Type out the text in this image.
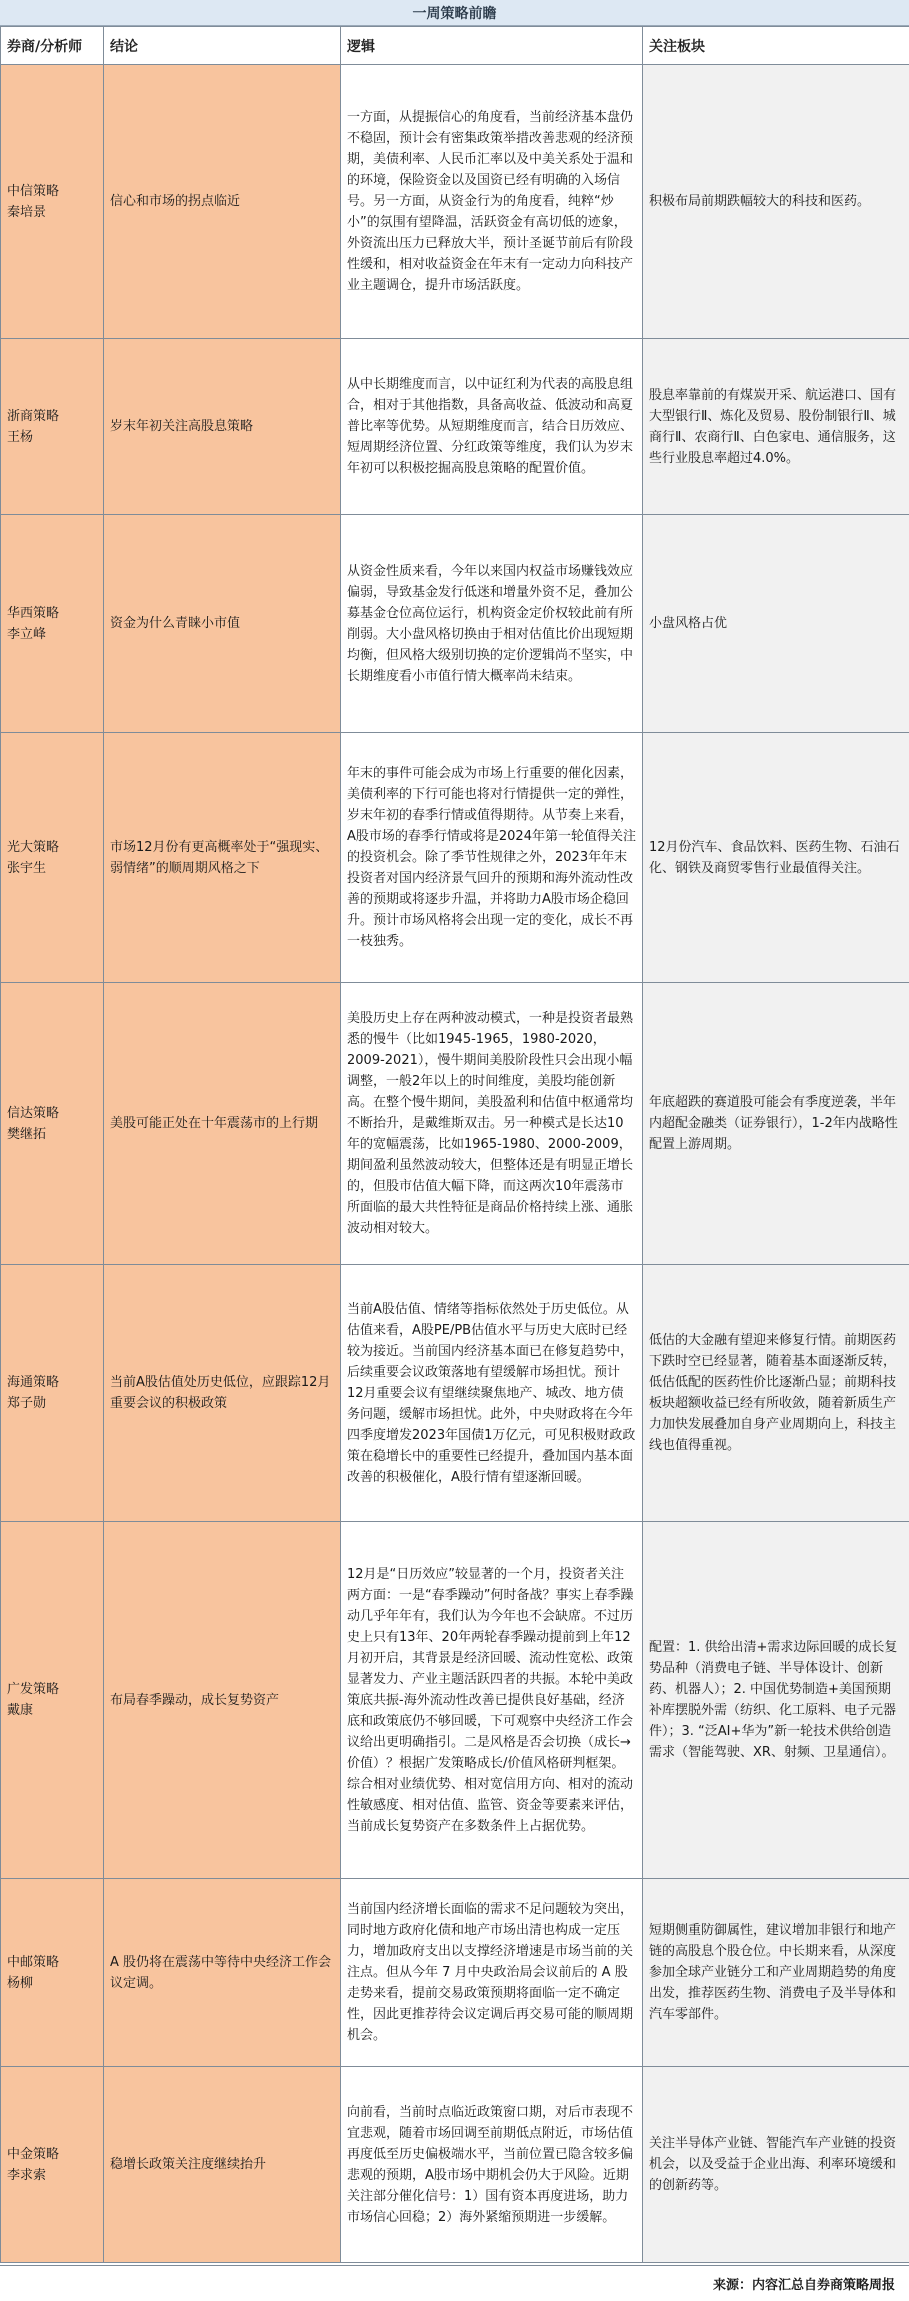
一周策略前瞻
券商/分析师	结论	逻辑	关注板块

中信策略
秦培景	信心和市场的拐点临近	一方面，从提振信心的角度看，当前经济基本盘仍不稳固，预计会有密集政策举措改善悲观的经济预期，美债利率、人民币汇率以及中美关系处于温和的环境，保险资金以及国资已经有明确的入场信号。另一方面，从资金行为的角度看，纯粹“炒小”的氛围有望降温，活跃资金有高切低的迹象，外资流出压力已释放大半，预计圣诞节前后有阶段性缓和，相对收益资金在年末有一定动力向科技产业主题调仓，提升市场活跃度。	积极布局前期跌幅较大的科技和医药。

浙商策略
王杨	岁末年初关注高股息策略	从中长期维度而言，以中证红利为代表的高股息组合，相对于其他指数，具备高收益、低波动和高夏普比率等优势。从短期维度而言，结合日历效应、短周期经济位置、分红政策等维度，我们认为岁末年初可以积极挖掘高股息策略的配置价值。	股息率靠前的有煤炭开采、航运港口、国有大型银行Ⅱ、炼化及贸易、股份制银行Ⅱ、城商行Ⅱ、农商行Ⅱ、白色家电、通信服务，这些行业股息率超过4.0%。

华西策略
李立峰	资金为什么青睐小市值	从资金性质来看，今年以来国内权益市场赚钱效应偏弱，导致基金发行低迷和增量外资不足，叠加公募基金仓位高位运行，机构资金定价权较此前有所削弱。大小盘风格切换由于相对估值比价出现短期均衡，但风格大级别切换的定价逻辑尚不坚实，中长期维度看小市值行情大概率尚未结束。	小盘风格占优

光大策略
张宇生	市场12月份有更高概率处于“强现实、弱情绪”的顺周期风格之下	年末的事件可能会成为市场上行重要的催化因素，美债利率的下行可能也将对行情提供一定的弹性，岁末年初的春季行情或值得期待。从节奏上来看，A股市场的春季行情或将是2024年第一轮值得关注的投资机会。除了季节性规律之外，2023年年末投资者对国内经济景气回升的预期和海外流动性改善的预期或将逐步升温，并将助力A股市场企稳回升。预计市场风格将会出现一定的变化，成长不再一枝独秀。	12月份汽车、食品饮料、医药生物、石油石化、钢铁及商贸零售行业最值得关注。

信达策略
樊继拓	美股可能正处在十年震荡市的上行期	美股历史上存在两种波动模式，一种是投资者最熟悉的慢牛（比如1945-1965，1980-2020，2009-2021），慢牛期间美股阶段性只会出现小幅调整，一般2年以上的时间维度，美股均能创新高。在整个慢牛期间，美股盈利和估值中枢通常均不断抬升，是戴维斯双击。另一种模式是长达10年的宽幅震荡，比如1965-1980、2000-2009，期间盈利虽然波动较大，但整体还是有明显正增长的，但股市估值大幅下降，而这两次10年震荡市所面临的最大共性特征是商品价格持续上涨、通胀波动相对较大。	年底超跌的赛道股可能会有季度逆袭，半年内超配金融类（证券银行），1-2年内战略性配置上游周期。

海通策略
郑子勋	当前A股估值处历史低位，应跟踪12月重要会议的积极政策	当前A股估值、情绪等指标依然处于历史低位。从估值来看，A股PE/PB估值水平与历史大底时已经较为接近。当前国内经济基本面已在修复趋势中，后续重要会议政策落地有望缓解市场担忧。预计12月重要会议有望继续聚焦地产、城改、地方债务问题，缓解市场担忧。此外，中央财政将在今年四季度增发2023年国债1万亿元，可见积极财政政策在稳增长中的重要性已经提升，叠加国内基本面改善的积极催化，A股行情有望逐渐回暖。	低估的大金融有望迎来修复行情。前期医药下跌时空已经显著，随着基本面逐渐反转，低估低配的医药性价比逐渐凸显；前期科技板块超额收益已经有所收敛，随着新质生产力加快发展叠加自身产业周期向上，科技主线也值得重视。

广发策略
戴康	布局春季躁动，成长复势资产	12月是“日历效应”较显著的一个月，投资者关注两方面：一是“春季躁动”何时备战？事实上春季躁动几乎年年有，我们认为今年也不会缺席。不过历史上只有13年、20年两轮春季躁动提前到上年12月初开启，其背景是经济回暖、流动性宽松、政策显著发力、产业主题活跃四者的共振。本轮中美政策底共振-海外流动性改善已提供良好基础，经济底和政策底仍不够回暖，下可观察中央经济工作会议给出更明确指引。二是风格是否会切换（成长→价值）？根据广发策略成长/价值风格研判框架。综合相对业绩优势、相对宽信用方向、相对的流动性敏感度、相对估值、监管、资金等要素来评估，当前成长复势资产在多数条件上占据优势。	配置：1. 供给出清+需求边际回暖的成长复势品种（消费电子链、半导体设计、创新药、机器人）；2. 中国优势制造+美国预期补库摆脱外需（纺织、化工原料、电子元器件）；3. “泛AI+华为”新一轮技术供给创造需求（智能驾驶、XR、射频、卫星通信）。

中邮策略
杨柳	A 股仍将在震荡中等待中央经济工作会议定调。	当前国内经济增长面临的需求不足问题较为突出，同时地方政府化债和地产市场出清也构成一定压力，增加政府支出以支撑经济增速是市场当前的关注点。但从今年 7 月中央政治局会议前后的 A 股走势来看，提前交易政策预期将面临一定不确定性，因此更推荐待会议定调后再交易可能的顺周期机会。	短期侧重防御属性，建议增加非银行和地产链的高股息个股仓位。中长期来看，从深度参加全球产业链分工和产业周期趋势的角度出发，推荐医药生物、消费电子及半导体和汽车零部件。

中金策略
李求索	稳增长政策关注度继续抬升	向前看，当前时点临近政策窗口期，对后市表现不宜悲观，随着市场回调至前期低点附近，市场估值再度低至历史偏极端水平，当前位置已隐含较多偏悲观的预期，A股市场中期机会仍大于风险。近期关注部分催化信号：1）国有资本再度进场，助力市场信心回稳；2）海外紧缩预期进一步缓解。	关注半导体产业链、智能汽车产业链的投资机会，以及受益于企业出海、利率环境缓和的创新药等。
来源：内容汇总自券商策略周报
